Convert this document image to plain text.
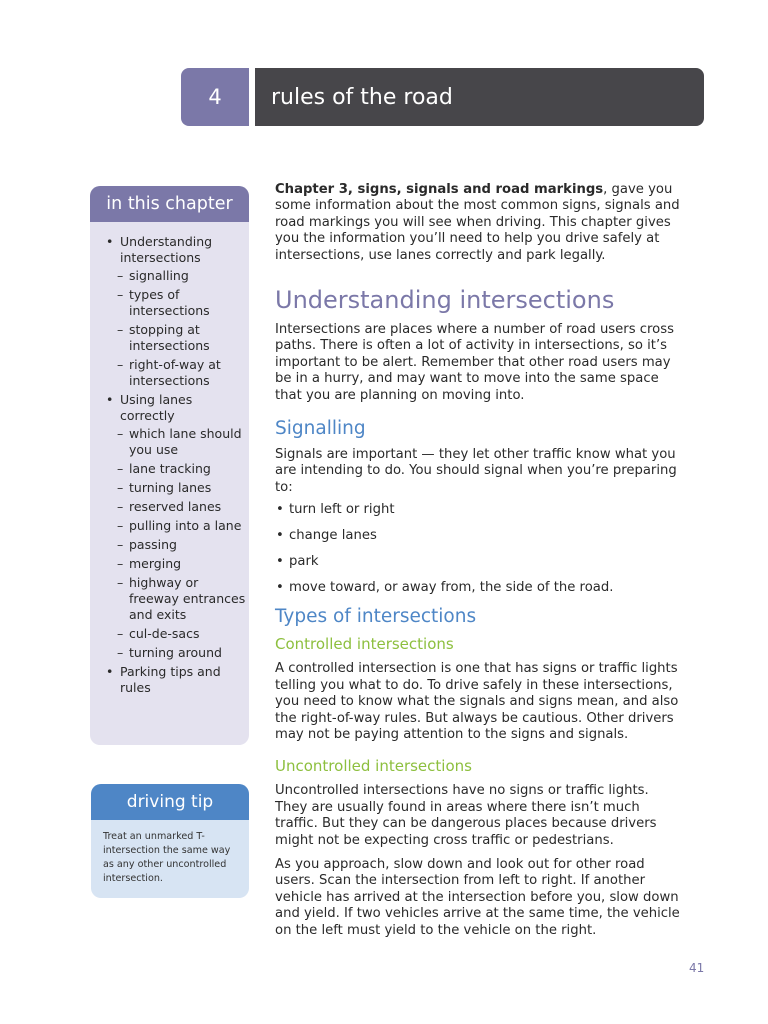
4	rules of the road
in this chapter
• Understanding intersections
– signalling
– types of intersections
– stopping at intersections
– right-of-way at intersections
• Using lanes correctly
– which lane should you use
– lane tracking
– turning lanes
– reserved lanes
– pulling into a lane
– passing
– merging
– highway or freeway entrances and exits
– cul-de-sacs
– turning around
• Parking tips and rules
driving tip
Treat an unmarked T-intersection the same way as any other uncontrolled intersection.

Chapter 3, signs, signals and road markings, gave you some information about the most common signs, signals and road markings you will see when driving. This chapter gives you the information you’ll need to help you drive safely at intersections, use lanes correctly and park legally.

Understanding intersections

Intersections are places where a number of road users cross paths. There is often a lot of activity in intersections, so it’s important to be alert. Remember that other road users may be in a hurry, and may want to move into the same space that you are planning on moving into.

Signalling

Signals are important — they let other traffic know what you are intending to do. You should signal when you’re preparing to:

• turn left or right
• change lanes
• park
• move toward, or away from, the side of the road.
Types of intersections
Controlled intersections

A controlled intersection is one that has signs or traffic lights telling you what to do. To drive safely in these intersections, you need to know what the signals and signs mean, and also the right-of-way rules. But always be cautious. Other drivers may not be paying attention to the signs and signals.

Uncontrolled intersections

Uncontrolled intersections have no signs or traffic lights. They are usually found in areas where there isn’t much traffic. But they can be dangerous places because drivers might not be expecting cross traffic or pedestrians.

As you approach, slow down and look out for other road users. Scan the intersection from left to right. If another vehicle has arrived at the intersection before you, slow down and yield. If two vehicles arrive at the same time, the vehicle on the left must yield to the vehicle on the right.

41
